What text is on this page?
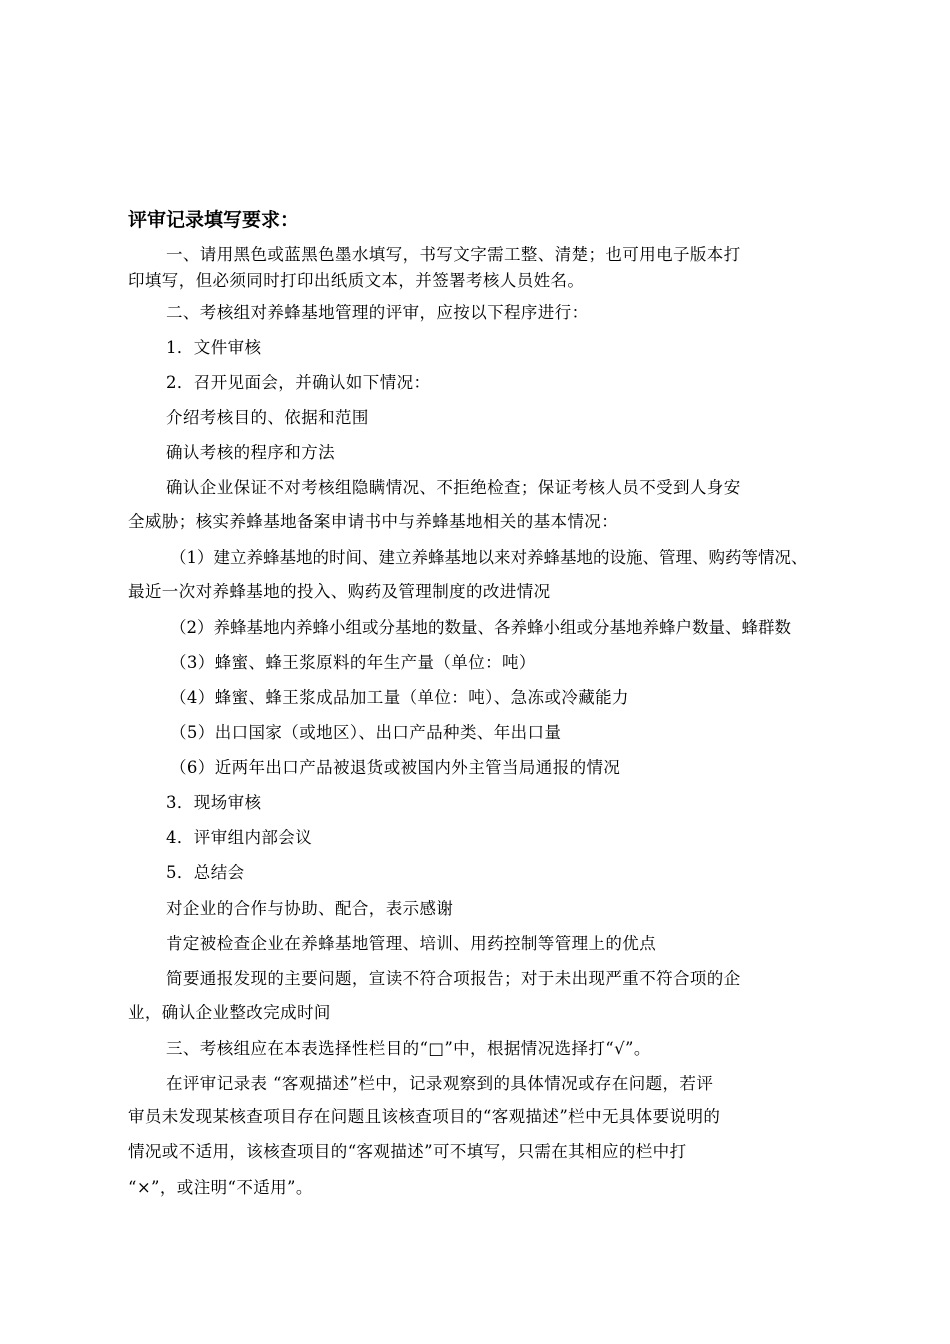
评审记录填写要求：
一、请用黑色或蓝黑色墨水填写，书写文字需工整、清楚；也可用电子版本打
印填写，但必须同时打印出纸质文本，并签署考核人员姓名。
二、考核组对养蜂基地管理的评审，应按以下程序进行：
1．文件审核
2．召开见面会，并确认如下情况：
介绍考核目的、依据和范围
确认考核的程序和方法
确认企业保证不对考核组隐瞒情况、不拒绝检查；保证考核人员不受到人身安
全威胁；核实养蜂基地备案申请书中与养蜂基地相关的基本情况：
（1）建立养蜂基地的时间、建立养蜂基地以来对养蜂基地的设施、管理、购药等情况、
最近一次对养蜂基地的投入、购药及管理制度的改进情况
（2）养蜂基地内养蜂小组或分基地的数量、各养蜂小组或分基地养蜂户数量、蜂群数
（3）蜂蜜、蜂王浆原料的年生产量（单位：吨）
（4）蜂蜜、蜂王浆成品加工量（单位：吨）、急冻或冷藏能力
（5）出口国家（或地区）、出口产品种类、年出口量
（6）近两年出口产品被退货或被国内外主管当局通报的情况
3．现场审核
4．评审组内部会议
5．总结会
对企业的合作与协助、配合，表示感谢
肯定被检查企业在养蜂基地管理、培训、用药控制等管理上的优点
简要通报发现的主要问题，宣读不符合项报告；对于未出现严重不符合项的企
业，确认企业整改完成时间
三、考核组应在本表选择性栏目的“□”中，根据情况选择打“√”。
在评审记录表 “客观描述”栏中，记录观察到的具体情况或存在问题，若评
审员未发现某核查项目存在问题且该核查项目的“客观描述”栏中无具体要说明的
情况或不适用，该核查项目的“客观描述”可不填写，只需在其相应的栏中打
“×”，或注明“不适用”。
